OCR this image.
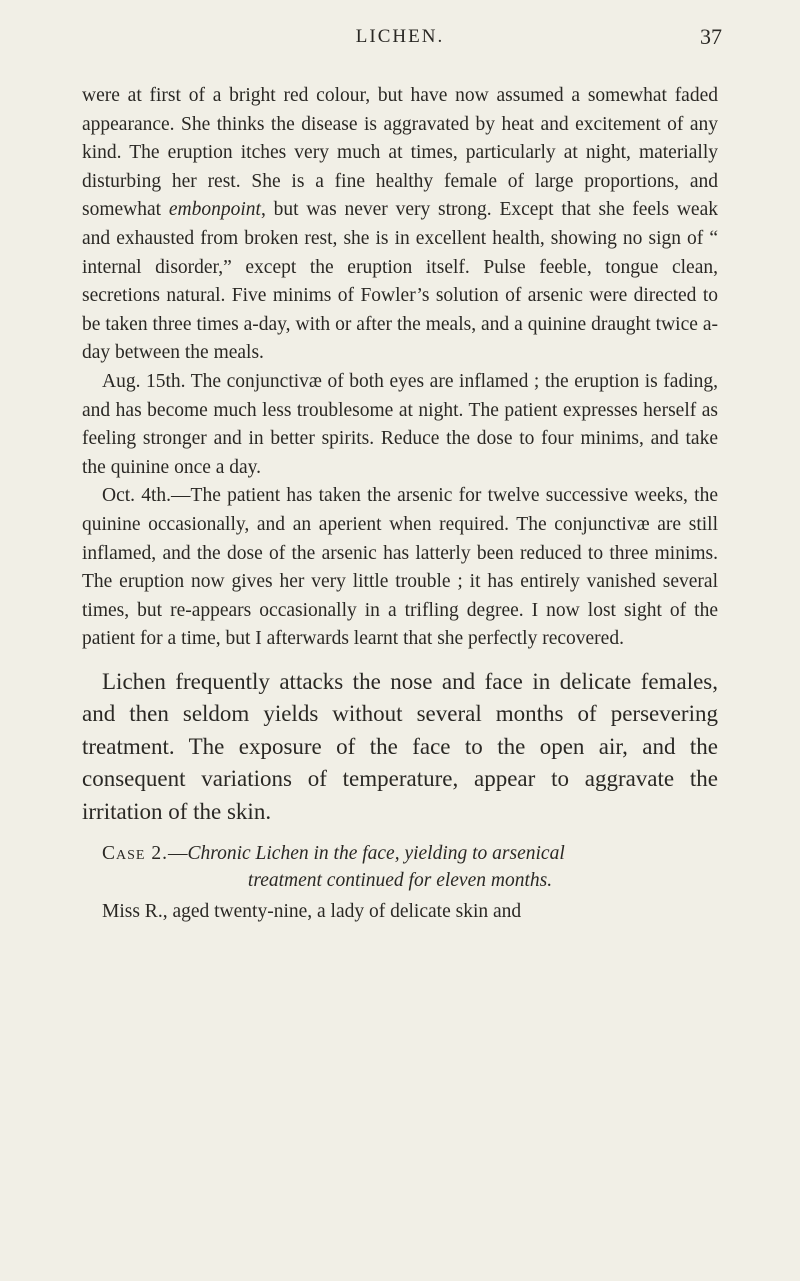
LICHEN.	37

were at first of a bright red colour, but have now assumed a somewhat faded appearance. She thinks the disease is aggravated by heat and excitement of any kind. The eruption itches very much at times, particularly at night, materially disturbing her rest. She is a fine healthy female of large proportions, and somewhat embonpoint, but was never very strong. Except that she feels weak and exhausted from broken rest, she is in excellent health, showing no sign of “ internal disorder,” except the eruption itself. Pulse feeble, tongue clean, secretions natural. Five minims of Fowler’s solution of arsenic were directed to be taken three times a-day, with or after the meals, and a quinine draught twice a-day between the meals.

Aug. 15th. The conjunctivæ of both eyes are inflamed ; the eruption is fading, and has become much less troublesome at night. The patient expresses herself as feeling stronger and in better spirits. Reduce the dose to four minims, and take the quinine once a day.

Oct. 4th.—The patient has taken the arsenic for twelve successive weeks, the quinine occasionally, and an aperient when required. The conjunctivæ are still inflamed, and the dose of the arsenic has latterly been reduced to three minims. The eruption now gives her very little trouble ; it has entirely vanished several times, but re-appears occasionally in a trifling degree. I now lost sight of the patient for a time, but I afterwards learnt that she perfectly recovered.

Lichen frequently attacks the nose and face in delicate females, and then seldom yields without several months of persevering treatment. The exposure of the face to the open air, and the consequent variations of temperature, appear to aggravate the irritation of the skin.

Case 2.—Chronic Lichen in the face, yielding to arsenical
treatment continued for eleven months.

Miss R., aged twenty-nine, a lady of delicate skin and
